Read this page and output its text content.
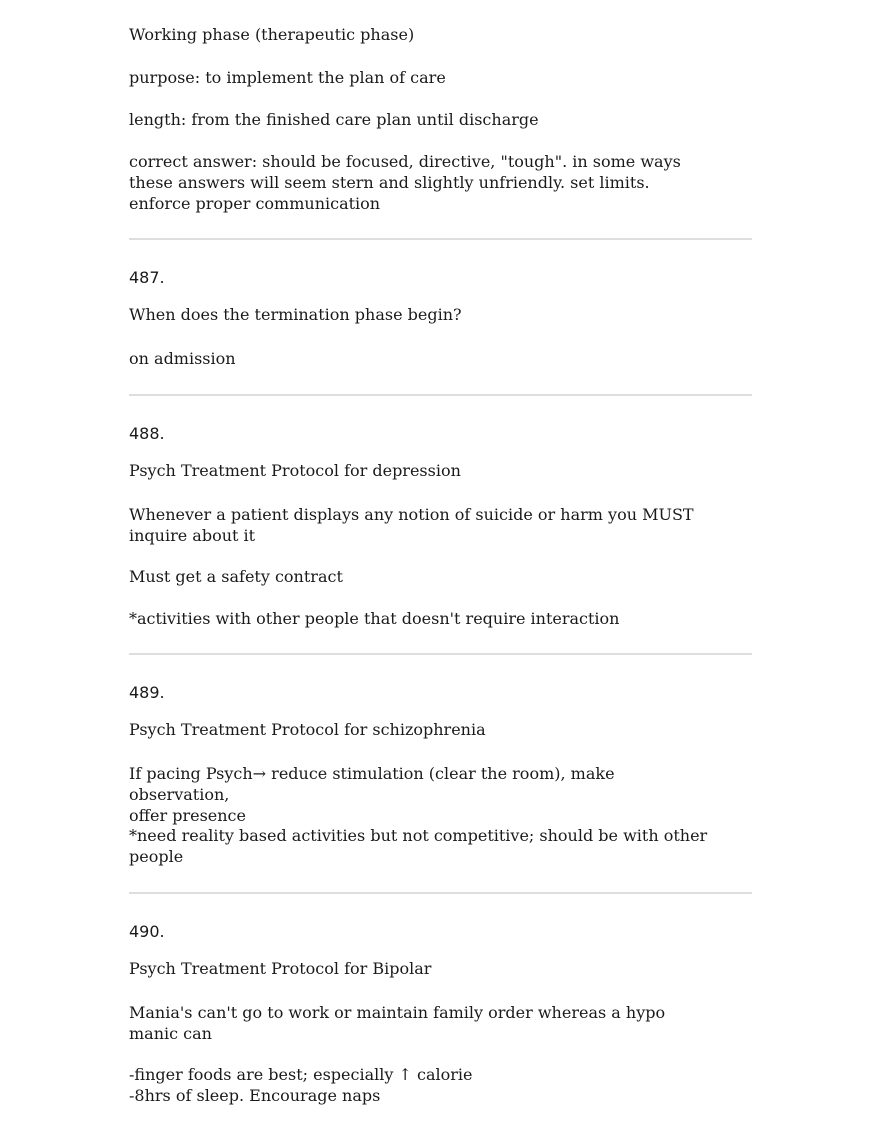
Working phase (therapeutic phase)

purpose: to implement the plan of care

length: from the finished care plan until discharge

correct answer: should be focused, directive, "tough". in some ways
these answers will seem stern and slightly unfriendly. set limits.
enforce proper communication

487.

When does the termination phase begin?

on admission

488.

Psych Treatment Protocol for depression

Whenever a patient displays any notion of suicide or harm you MUST
inquire about it

Must get a safety contract

*activities with other people that doesn't require interaction

489.

Psych Treatment Protocol for schizophrenia

If pacing Psych→ reduce stimulation (clear the room), make observation,
offer presence

*need reality based activities but not competitive; should be with other
people

490.

Psych Treatment Protocol for Bipolar

Mania's can't go to work or maintain family order whereas a hypo
manic can

-finger foods are best; especially ↑ calorie
-8hrs of sleep. Encourage naps
